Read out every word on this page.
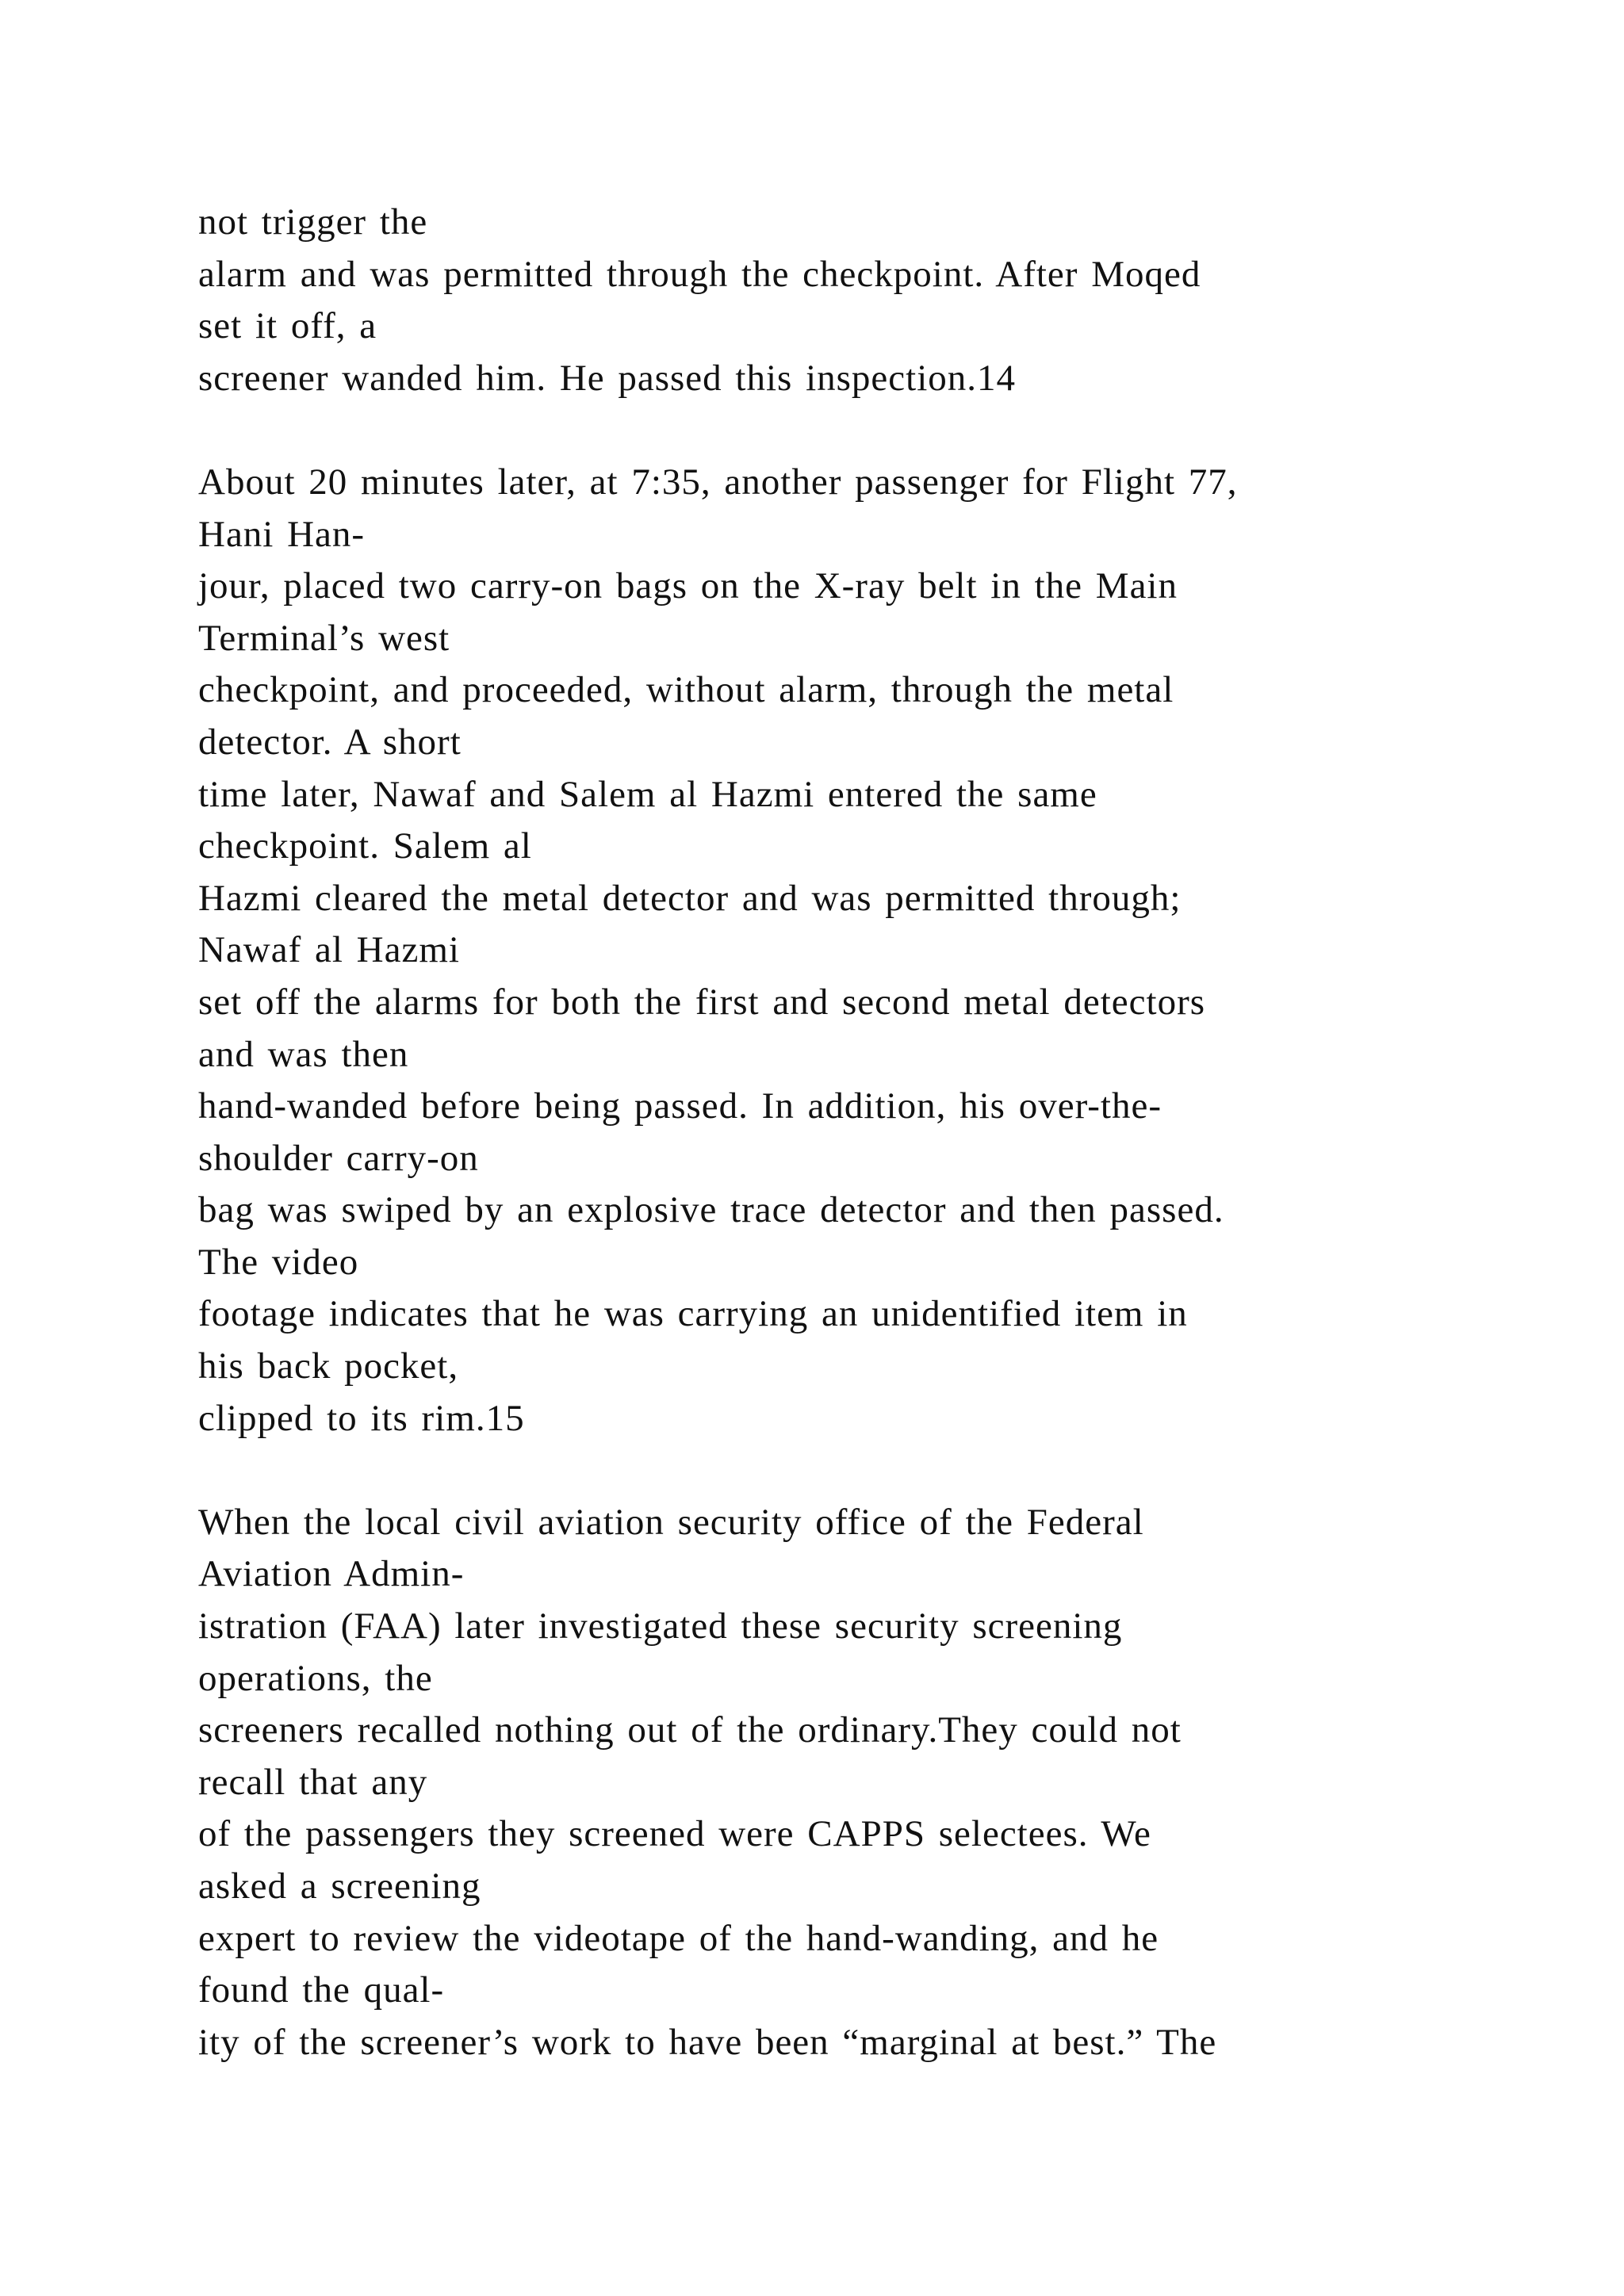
not trigger the
alarm and was permitted through the checkpoint. After Moqed
set it off, a
screener wanded him. He passed this inspection.14
About 20 minutes later, at 7:35, another passenger for Flight 77,
Hani Han-
jour, placed two carry-on bags on the X-ray belt in the Main
Terminal’s west
checkpoint, and proceeded, without alarm, through the metal
detector. A short
time later, Nawaf and Salem al Hazmi entered the same
checkpoint. Salem al
Hazmi cleared the metal detector and was permitted through;
Nawaf al Hazmi
set off the alarms for both the first and second metal detectors
and was then
hand-wanded before being passed. In addition, his over-the-
shoulder carry-on
bag was swiped by an explosive trace detector and then passed.
The video
footage indicates that he was carrying an unidentified item in
his back pocket,
clipped to its rim.15
When the local civil aviation security office of the Federal
Aviation Admin-
istration (FAA) later investigated these security screening
operations, the
screeners recalled nothing out of the ordinary.They could not
recall that any
of the passengers they screened were CAPPS selectees. We
asked a screening
expert to review the videotape of the hand-wanding, and he
found the qual-
ity of the screener’s work to have been “marginal at best.” The
